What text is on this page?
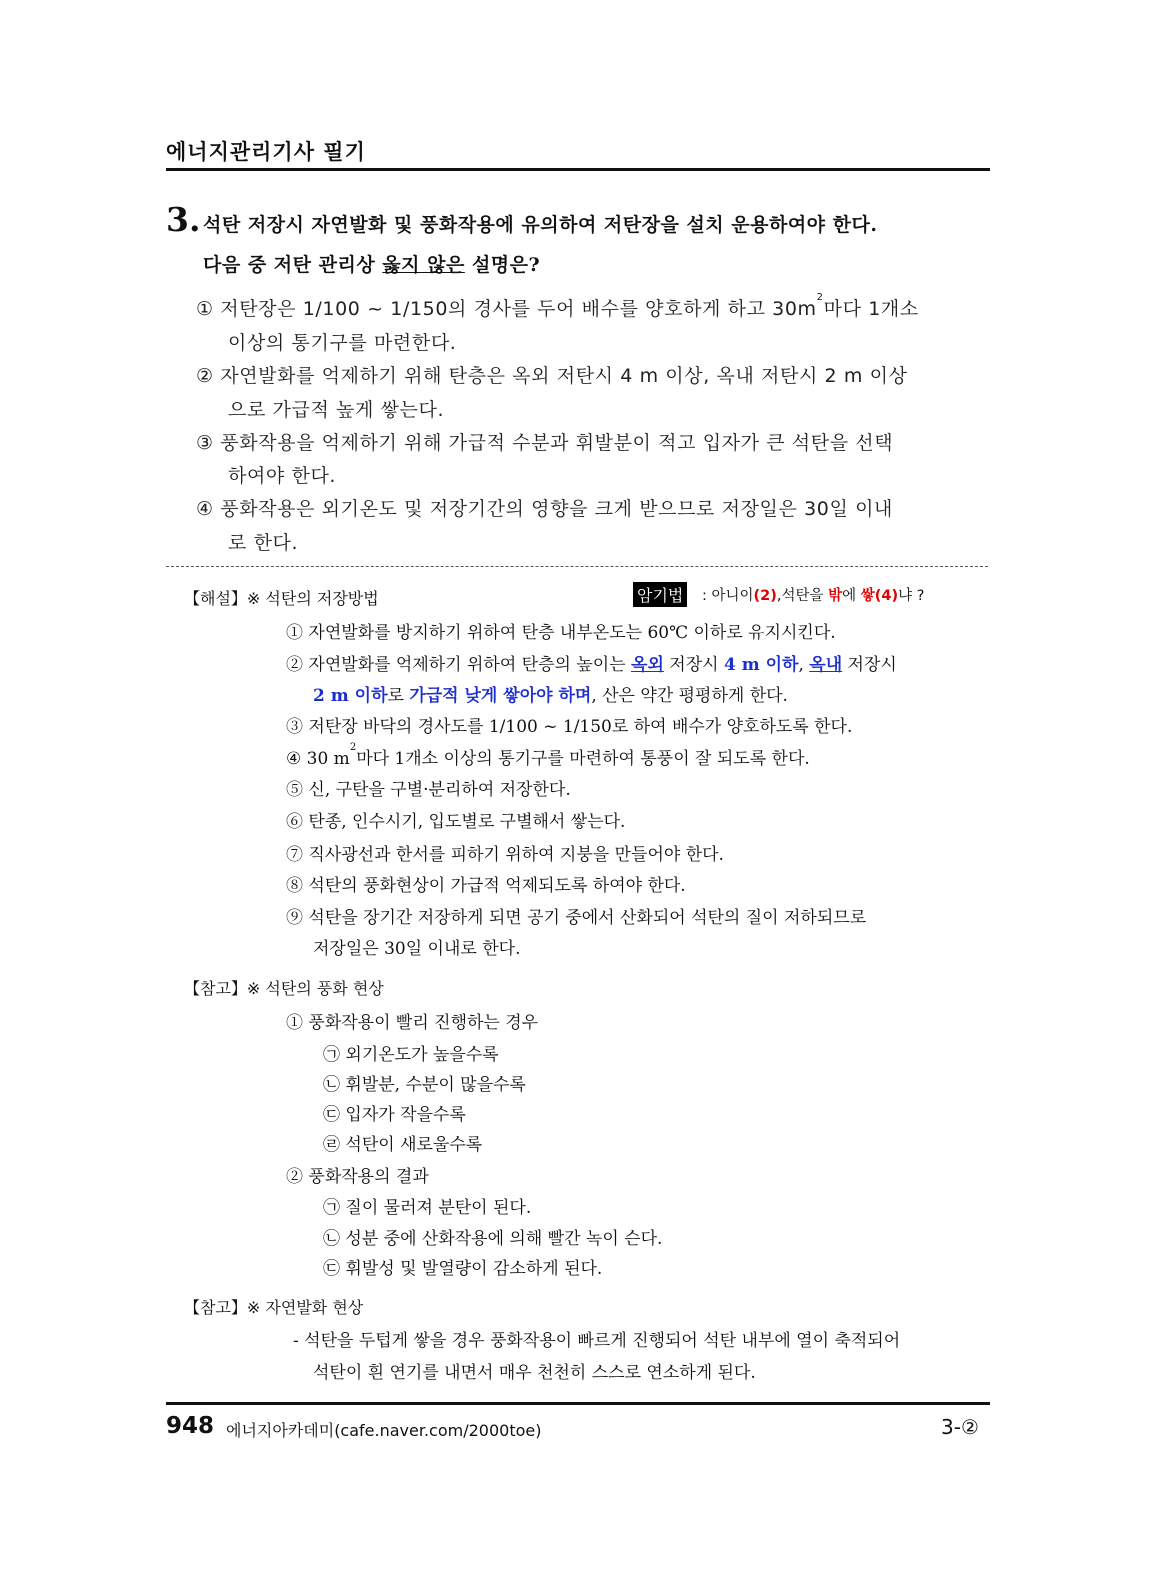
에너지관리기사 필기
3. 석탄 저장시 자연발화 및 풍화작용에 유의하여 저탄장을 설치 운용하여야 한다.
다음 중 저탄 관리상 옳지 않은 설명은?
① 저탄장은 1/100 ~ 1/150의 경사를 두어 배수를 양호하게 하고 $30m^2$마다 1개소
이상의 통기구를 마련한다.
② 자연발화를 억제하기 위해 탄층은 옥외 저탄시 4 m 이상, 옥내 저탄시 2 m 이상
으로 가급적 높게 쌓는다.
③ 풍화작용을 억제하기 위해 가급적 수분과 휘발분이 적고 입자가 큰 석탄을 선택
하여야 한다.
④ 풍화작용은 외기온도 및 저장기간의 영향을 크게 받으므로 저장일은 30일 이내
로 한다.
【해설】※ 석탄의 저장방법	암기법 : 아니이(2),석탄을 밖에 쌓(4)냐 ?
① 자연발화를 방지하기 위하여 탄층 내부온도는 60℃ 이하로 유지시킨다.
② 자연발화를 억제하기 위하여 탄층의 높이는 옥외 저장시 4 m 이하, 옥내 저장시
2 m 이하로 가급적 낮게 쌓아야 하며, 산은 약간 평평하게 한다.
③ 저탄장 바닥의 경사도를 1/100 ~ 1/150로 하여 배수가 양호하도록 한다.
④ 30 $m^2$마다 1개소 이상의 통기구를 마련하여 통풍이 잘 되도록 한다.
⑤ 신, 구탄을 구별·분리하여 저장한다.
⑥ 탄종, 인수시기, 입도별로 구별해서 쌓는다.
⑦ 직사광선과 한서를 피하기 위하여 지붕을 만들어야 한다.
⑧ 석탄의 풍화현상이 가급적 억제되도록 하여야 한다.
⑨ 석탄을 장기간 저장하게 되면 공기 중에서 산화되어 석탄의 질이 저하되므로
저장일은 30일 이내로 한다.
【참고】※ 석탄의 풍화 현상
① 풍화작용이 빨리 진행하는 경우
㉠ 외기온도가 높을수록
㉡ 휘발분, 수분이 많을수록
㉢ 입자가 작을수록
㉣ 석탄이 새로울수록
② 풍화작용의 결과
㉠ 질이 물러져 분탄이 된다.
㉡ 성분 중에 산화작용에 의해 빨간 녹이 슨다.
㉢ 휘발성 및 발열량이 감소하게 된다.
【참고】※ 자연발화 현상
- 석탄을 두텁게 쌓을 경우 풍화작용이 빠르게 진행되어 석탄 내부에 열이 축적되어
석탄이 흰 연기를 내면서 매우 천천히 스스로 연소하게 된다.
948 에너지아카데미(cafe.naver.com/2000toe)	3-②
